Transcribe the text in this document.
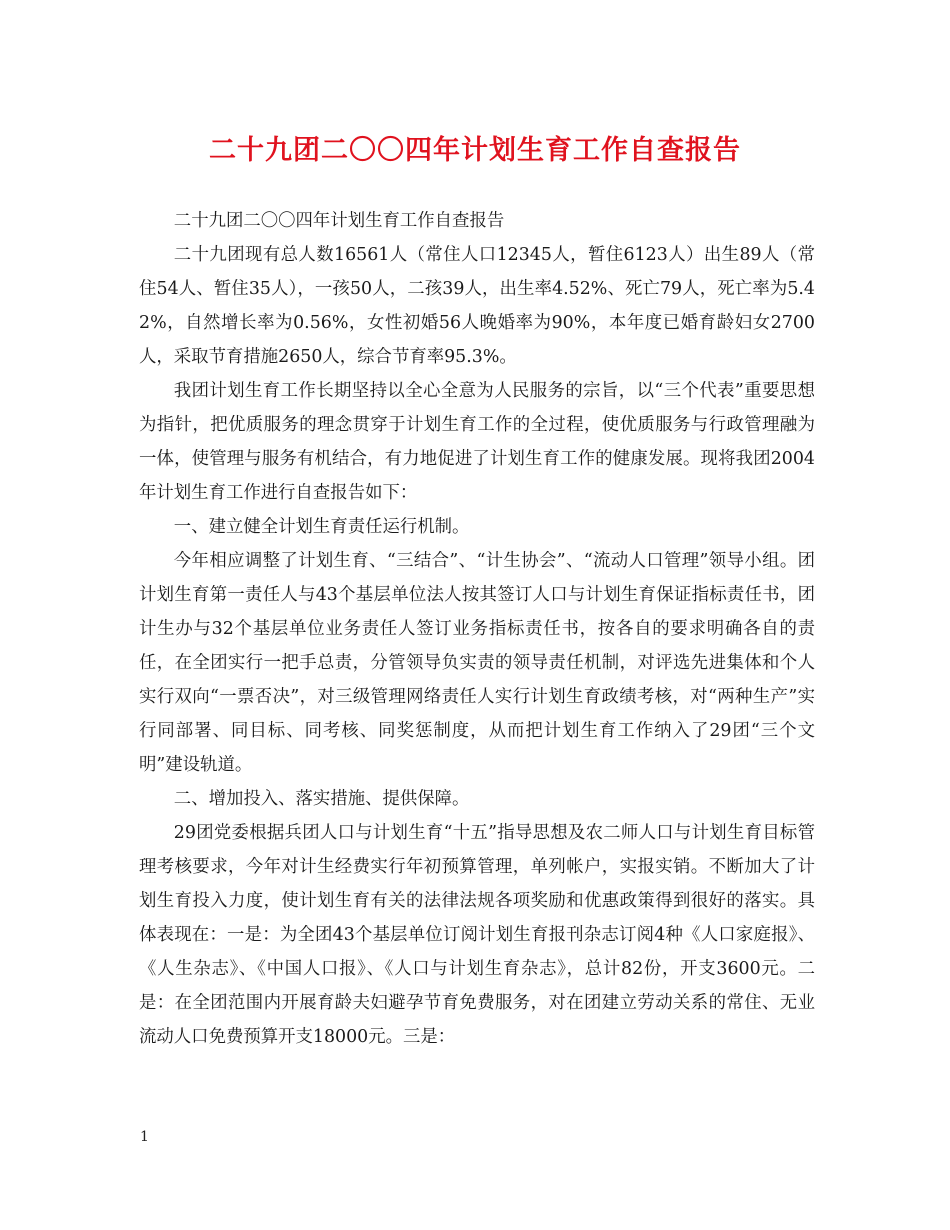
二十九团二〇〇四年计划生育工作自查报告

二十九团二〇〇四年计划生育工作自查报告

二十九团现有总人数16561人（常住人口12345人，暂住6123人）出生89人（常住54人、暂住35人），一孩50人，二孩39人，出生率4.52%、死亡79人，死亡率为5.42%，自然增长率为0.56%，女性初婚56人晚婚率为90%，本年度已婚育龄妇女2700人，采取节育措施2650人，综合节育率95.3%。

我团计划生育工作长期坚持以全心全意为人民服务的宗旨，以“三个代表”重要思想为指针，把优质服务的理念贯穿于计划生育工作的全过程，使优质服务与行政管理融为一体，使管理与服务有机结合，有力地促进了计划生育工作的健康发展。现将我团2004年计划生育工作进行自查报告如下：

一、建立健全计划生育责任运行机制。

今年相应调整了计划生育、“三结合”、“计生协会”、“流动人口管理”领导小组。团计划生育第一责任人与43个基层单位法人按其签订人口与计划生育保证指标责任书，团计生办与32个基层单位业务责任人签订业务指标责任书，按各自的要求明确各自的责任，在全团实行一把手总责，分管领导负实责的领导责任机制，对评选先进集体和个人实行双向“一票否决”，对三级管理网络责任人实行计划生育政绩考核，对“两种生产”实行同部署、同目标、同考核、同奖惩制度，从而把计划生育工作纳入了29团“三个文明”建设轨道。

二、增加投入、落实措施、提供保障。

29团党委根据兵团人口与计划生育“十五”指导思想及农二师人口与计划生育目标管理考核要求，今年对计生经费实行年初预算管理，单列帐户，实报实销。不断加大了计划生育投入力度，使计划生育有关的法律法规各项奖励和优惠政策得到很好的落实。具体表现在：一是：为全团43个基层单位订阅计划生育报刊杂志订阅4种《人口家庭报》、《人生杂志》、《中国人口报》、《人口与计划生育杂志》，总计82份，开支3600元。二是：在全团范围内开展育龄夫妇避孕节育免费服务，对在团建立劳动关系的常住、无业流动人口免费预算开支18000元。三是：

1
